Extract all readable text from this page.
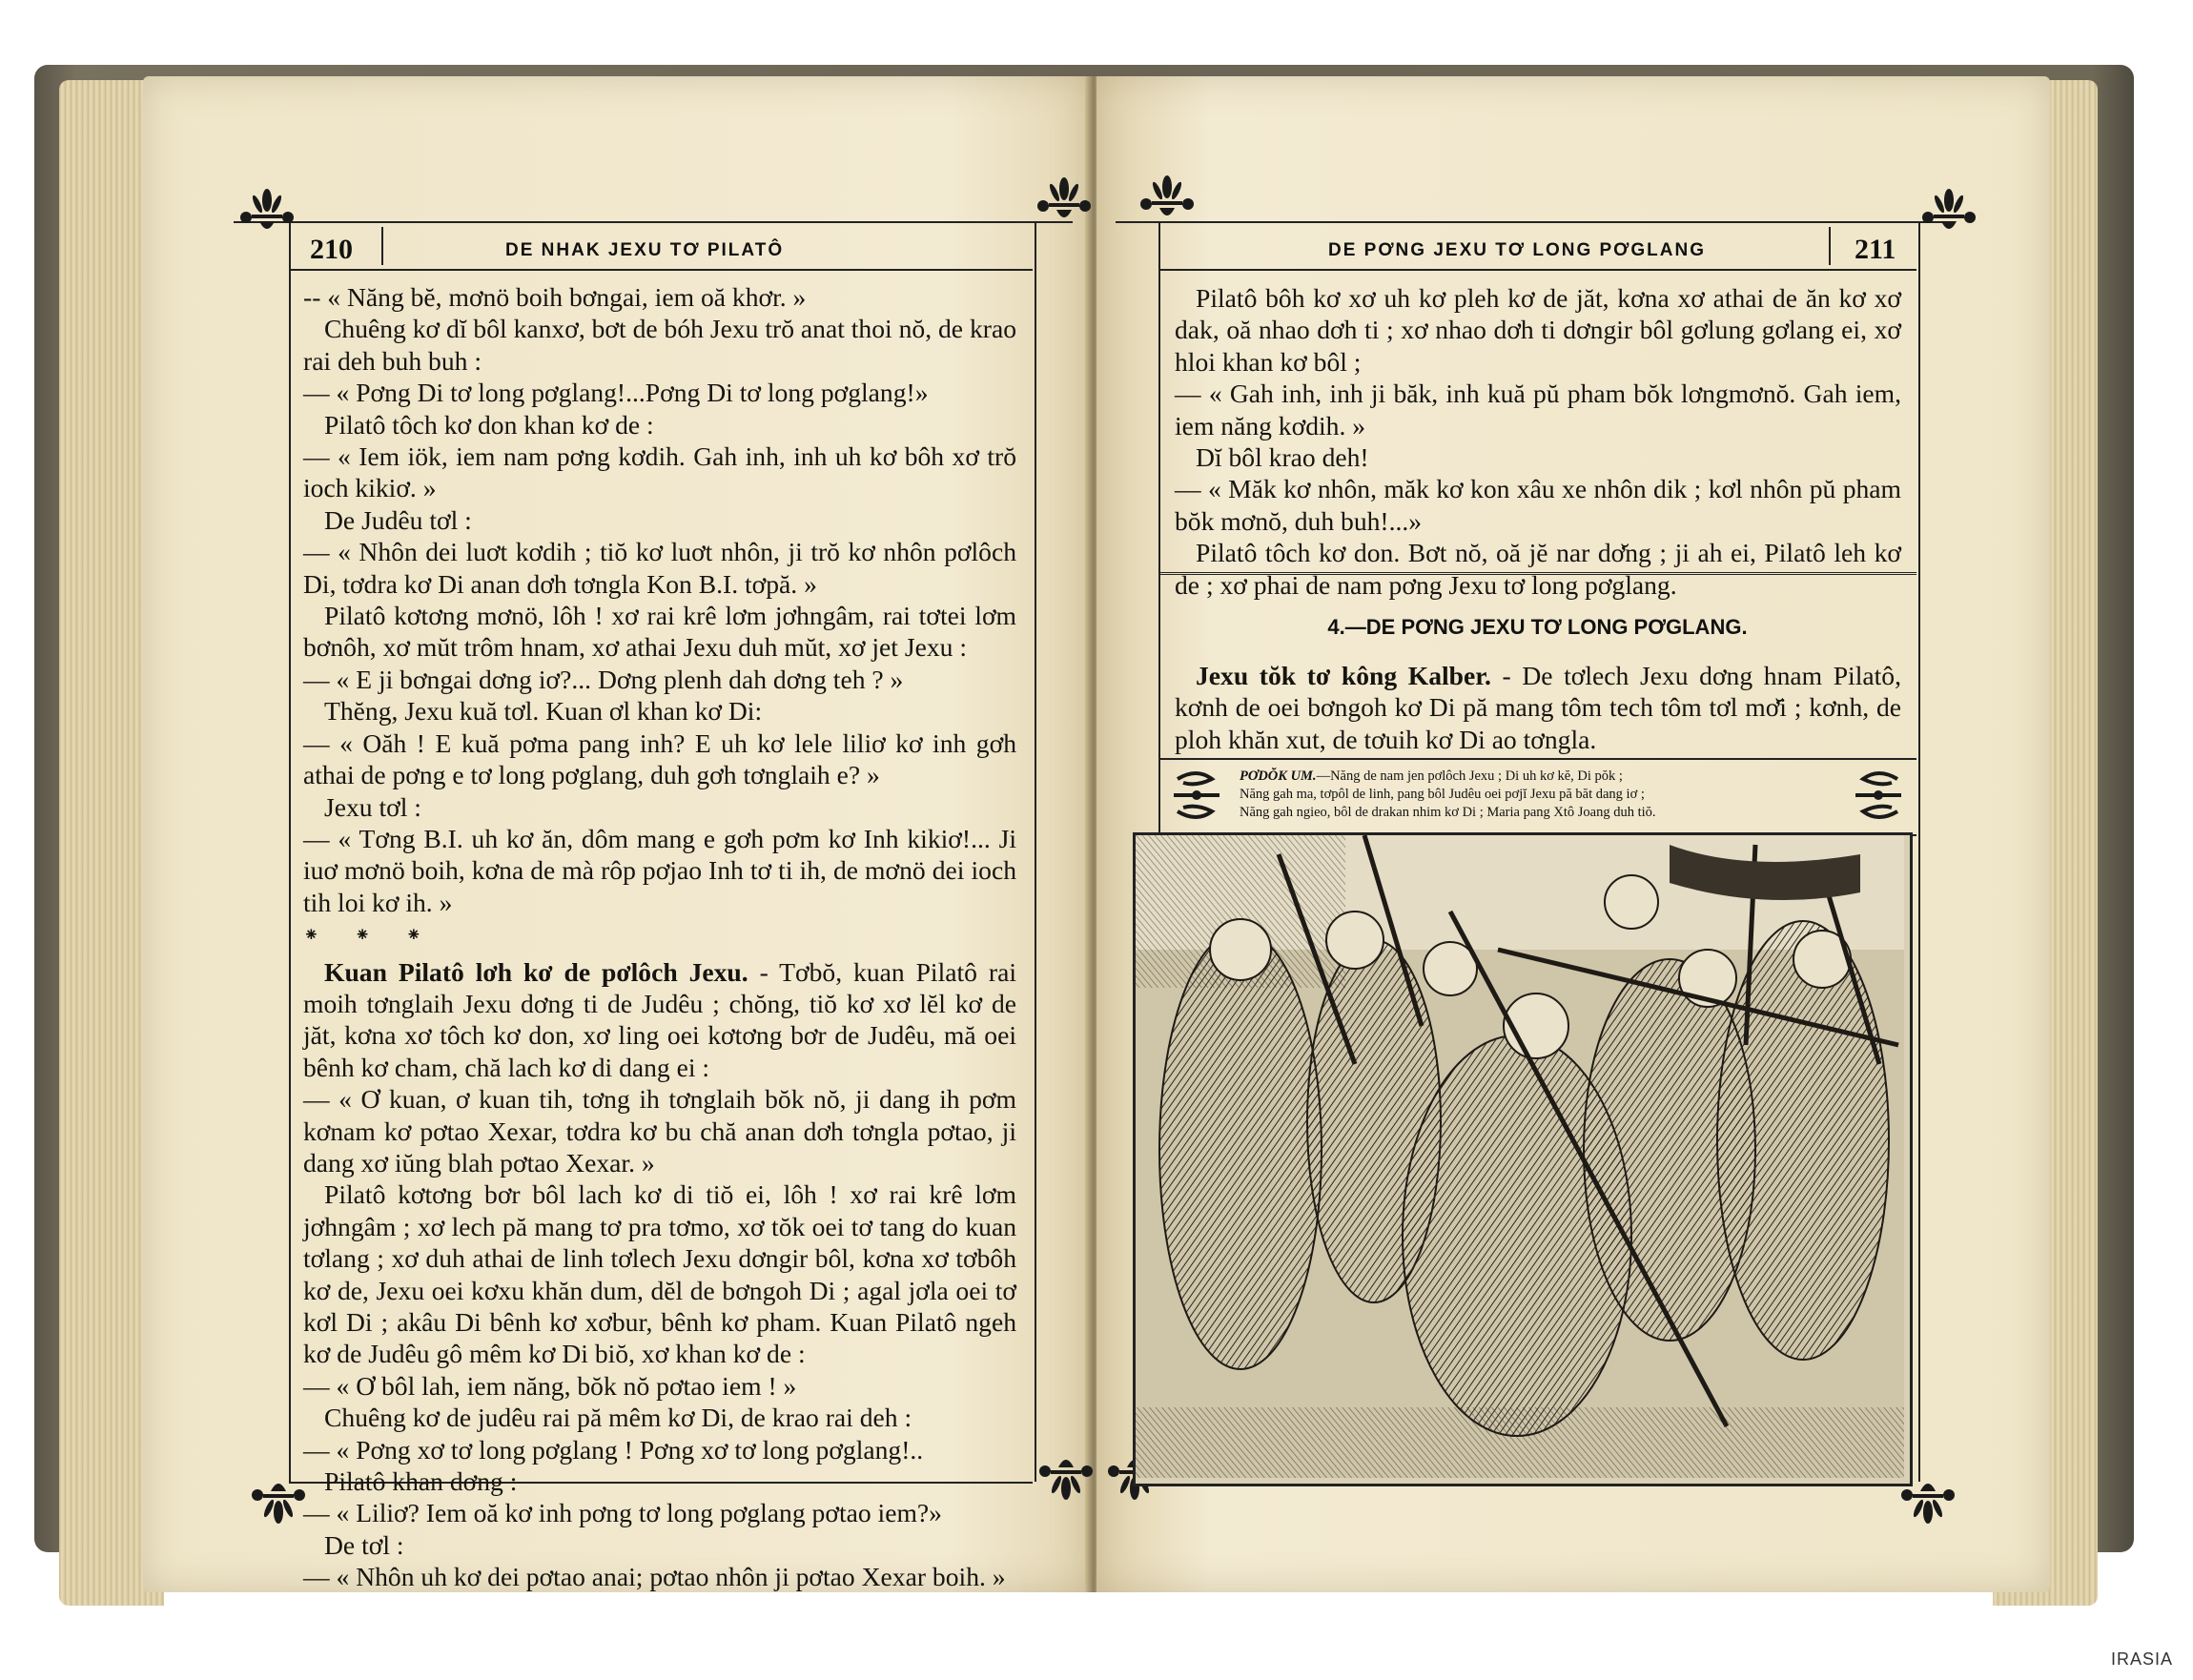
210	DE NHAK JEXU TƠ PILATÔ

-- « Năng bĕ, mơnö boih bơngai, iem oă khơr. »

Chuêng kơ dĭ bôl kanxơ, bơt de bóh Jexu trŏ anat thoi nŏ, de krao rai deh buh buh :

— « Pơng Di tơ long pơglang!...Pơng Di tơ long pơglang!»

Pilatô tôch kơ don khan kơ de :

— « Iem iök, iem nam pơng kơdih. Gah inh, inh uh kơ bôh xơ trŏ ioch kikiơ. »

De Judêu tơl :

— « Nhôn dei luơt kơdih ; tiŏ kơ luơt nhôn, ji trŏ kơ nhôn pơlôch Di, tơdra kơ Di anan dơh tơngla Kon B.I. tơpă. »

Pilatô kơtơng mơnö, lôh ! xơ rai krê lơm jơhngâm, rai tơtei lơm bơnôh, xơ mŭt trôm hnam, xơ athai Jexu duh mŭt, xơ jet Jexu :

— « E ji bơngai dơng iơ?... Dơng plenh dah dơng teh ? »

Thĕng, Jexu kuă tơl. Kuan ơl khan kơ Di:

— « Oăh ! E kuă pơma pang inh? E uh kơ lele liliơ kơ inh gơh athai de pơng e tơ long pơglang, duh gơh tơnglaih e? »

Jexu tơl :

— « Tơng B.I. uh kơ ăn, dôm mang e gơh pơm kơ Inh kikiơ!... Ji iuơ mơnö boih, kơna de mà rôp pơjao Inh tơ ti ih, de mơnö dei ioch tih loi kơ ih. »

⁕ ⁕ ⁕

Kuan Pilatô lơh kơ de pơlôch Jexu. - Tơbŏ, kuan Pilatô rai moih tơnglaih Jexu dơng ti de Judêu ; chŏng, tiŏ kơ xơ lĕl kơ de jăt, kơna xơ tôch kơ don, xơ ling oei kơtơng bơr de Judêu, mă oei bênh kơ cham, chă lach kơ di dang ei :

— « Ơ kuan, ơ kuan tih, tơng ih tơnglaih bŏk nŏ, ji dang ih pơm kơnam kơ pơtao Xexar, tơdra kơ bu chă anan dơh tơngla pơtao, ji dang xơ iŭng blah pơtao Xexar. »

Pilatô kơtơng bơr bôl lach kơ di tiŏ ei, lôh ! xơ rai krê lơm jơhngâm ; xơ lech pă mang tơ pra tơmo, xơ tŏk oei tơ tang do kuan tơlang ; xơ duh athai de linh tơlech Jexu dơngir bôl, kơna xơ tơbôh kơ de, Jexu oei kơxu khăn dum, dĕl de bơngoh Di ; agal jơla oei tơ kơl Di ; akâu Di bênh kơ xơbur, bênh kơ pham. Kuan Pilatô ngeh kơ de Judêu gô mêm kơ Di biŏ, xơ khan kơ de :

— « Ơ bôl lah, iem năng, bŏk nŏ pơtao iem ! »

Chuêng kơ de judêu rai pă mêm kơ Di, de krao rai deh :

— « Pơng xơ tơ long pơglang ! Pơng xơ tơ long pơglang!..

Pilatô khan dơng :

— « Liliơ? Iem oă kơ inh pơng tơ long pơglang pơtao iem?»

De tơl :

— « Nhôn uh kơ dei pơtao anai; pơtao nhôn ji pơtao Xexar boih. »

DE PƠNG JEXU TƠ LONG PƠGLANG	211

Pilatô bôh kơ xơ uh kơ pleh kơ de jăt, kơna xơ athai de ăn kơ xơ dak, oă nhao dơh ti ; xơ nhao dơh ti dơngir bôl gơlung gơlang ei, xơ hloi khan kơ bôl ;

— « Gah inh, inh ji băk, inh kuă pŭ pham bŏk lơngmơnŏ. Gah iem, iem năng kơdih. »

Dĭ bôl krao deh!

— « Măk kơ nhôn, măk kơ kon xâu xe nhôn dik ; kơl nhôn pŭ pham bŏk mơnŏ, duh buh!...»

Pilatô tôch kơ don. Bơt nŏ, oă jĕ nar dơ̆ng ; ji ah ei, Pilatô leh kơ de ; xơ phai de nam pơng Jexu tơ long pơglang.

4.—DE PƠNG JEXU TƠ LONG PƠGLANG.

Jexu tŏk tơ kông Kalber. - De tơlech Jexu dơng hnam Pilatô, kơnh de oei bơngoh kơ Di pă mang tôm tech tôm tơl mơ̆i ; kơnh, de ploh khăn xut, de tơuih kơ Di ao tơngla.

PƠDŎK UM.—Năng de nam jen pơlôch Jexu ; Di uh kơ kĕ, Di pŏk ;
Năng gah ma, tơpôl de linh, pang bôl Judêu oei pơjĭ Jexu pă băt dang iơ ;
Năng gah ngieo, bôl de drakan nhim kơ Di ; Maria pang Xtô Joang duh tiŏ.
IRASIA
